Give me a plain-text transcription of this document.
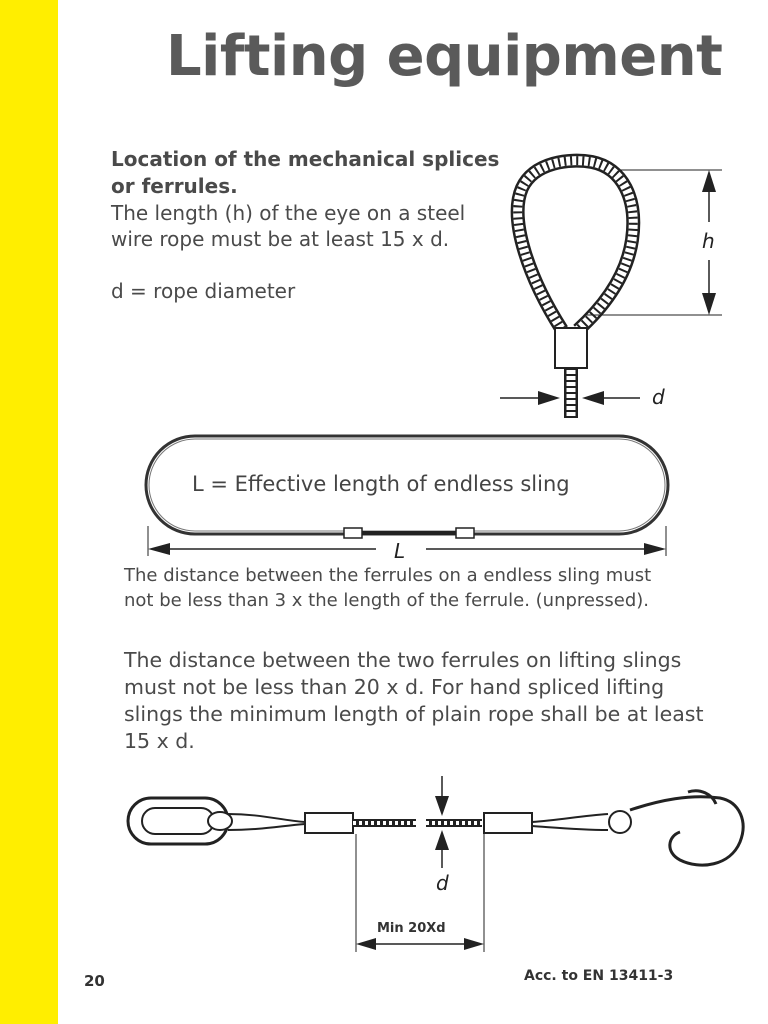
Lifting equipment

Location of the mechanical splices or ferrules.

The length (h) of the eye on a steel wire rope must be at least 15 x d.

d = rope diameter

h
d
L
L = Effective length of endless sling

The distance between the ferrules on a endless sling must not be less than 3 x the length of the ferrule. (unpressed).

The distance between the two ferrules on lifting slings must not be less than 20 x d. For hand spliced lifting slings the minimum length of plain rope shall be at least 15 x d.

d
Min 20Xd
20	Acc. to EN 13411-3
